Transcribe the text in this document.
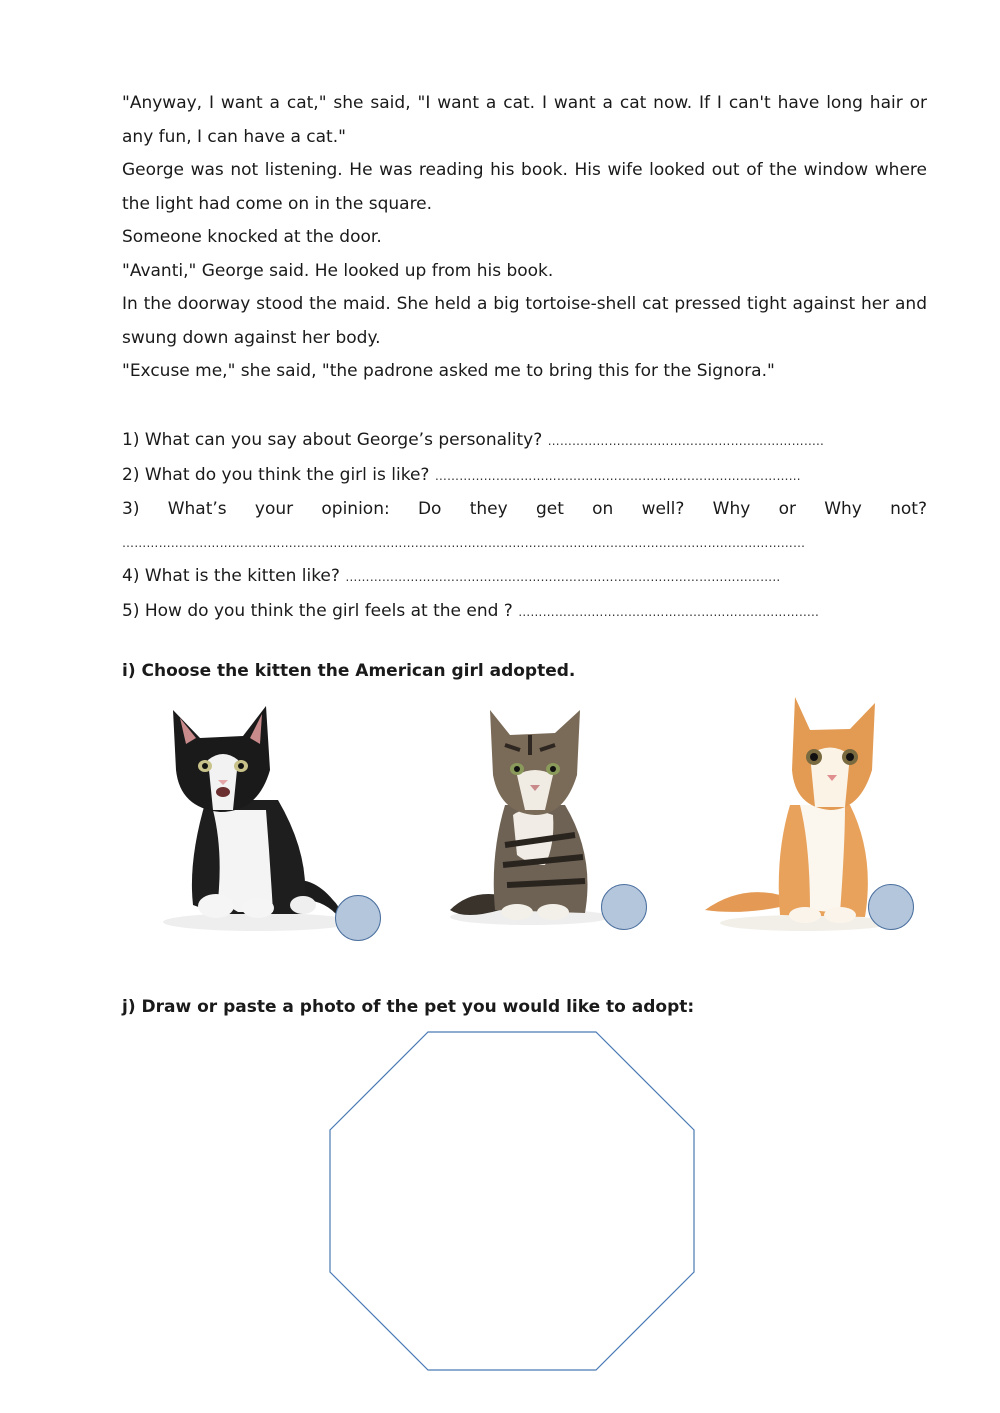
"Anyway, I want a cat," she said, "I want a cat. I want a cat now. If I can't have long hair or any fun, I can have a cat."

George was not listening. He was reading his book. His wife looked out of the window where the light had come on in the square.

Someone knocked at the door.

"Avanti," George said. He looked up from his book.

In the doorway stood the maid. She held a big tortoise-shell cat pressed tight against her and swung down against her body.

"Excuse me," she said, "the padrone asked me to bring this for the Signora."

1) What can you say about George’s personality? …………………………………………………………..

2) What do you think the girl is like? ………………………………………………………………………………

3) What’s your opinion: Do they get on well? Why or Why not?

……………………………………………………………………………………………………………………………………………………

4) What is the kitten like? ……………………………………………………………………………………………..

5) How do you think the girl feels at the end ? ………………………………………………………………..

i) Choose the kitten the American girl adopted.
j) Draw or paste a photo of the pet you would like to adopt:
